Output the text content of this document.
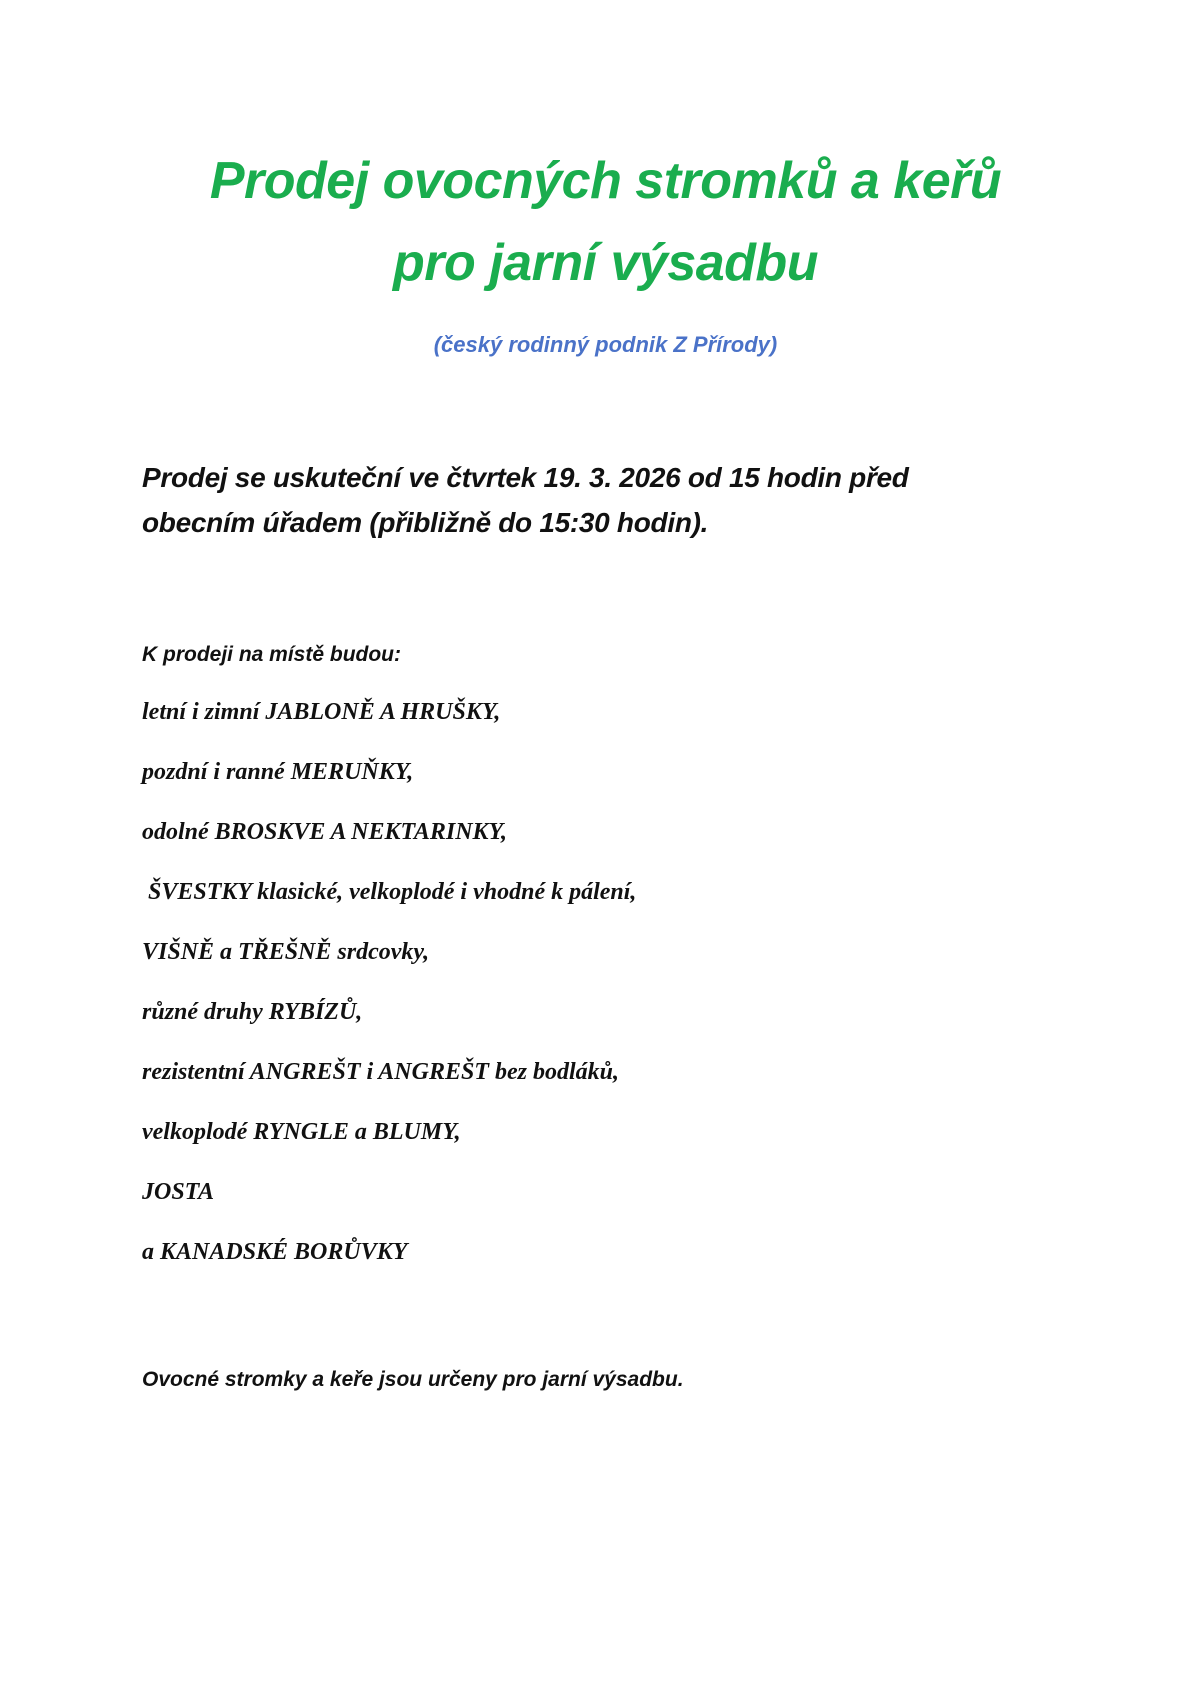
Prodej ovocných stromků a keřů
pro jarní výsadbu
(český rodinný podnik Z Přírody)
Prodej se uskuteční ve čtvrtek 19. 3. 2026 od 15 hodin před
obecním úřadem (přibližně do 15:30 hodin).
K prodeji na místě budou:
letní i zimní JABLONĚ A HRUŠKY,
pozdní i ranné MERUŇKY,
odolné BROSKVE A NEKTARINKY,
ŠVESTKY klasické, velkoplodé i vhodné k pálení,
VIŠNĚ a TŘEŠNĚ srdcovky,
různé druhy RYBÍZŮ,
rezistentní ANGREŠT i ANGREŠT bez bodláků,
velkoplodé RYNGLE a BLUMY,
JOSTA
a KANADSKÉ BORŮVKY
Ovocné stromky a keře jsou určeny pro jarní výsadbu.
